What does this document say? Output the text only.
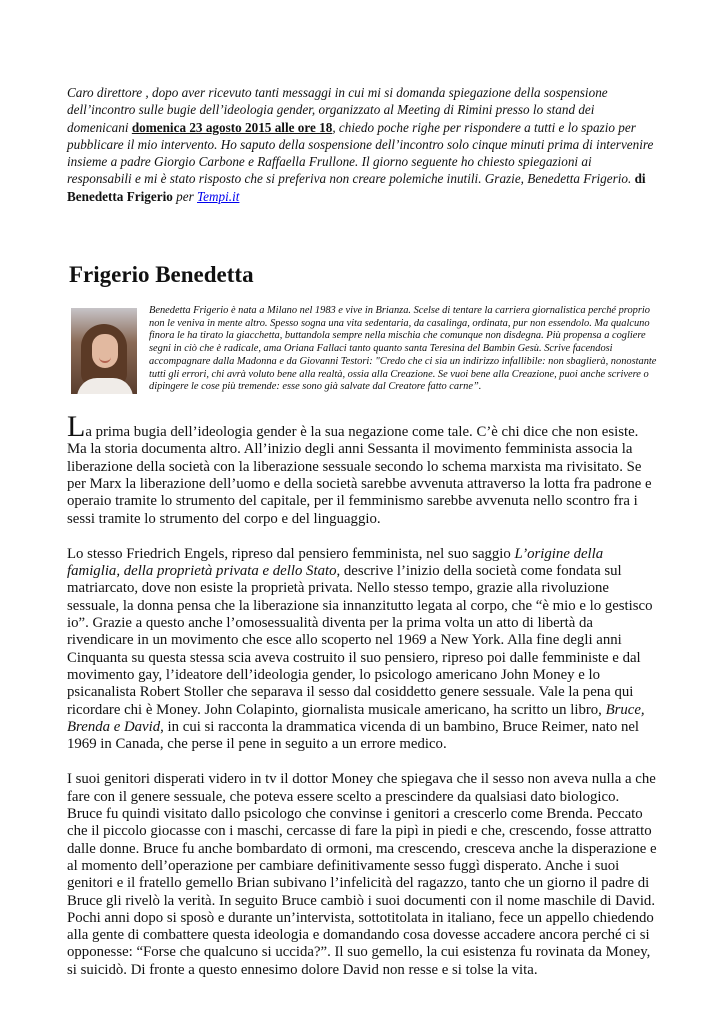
Caro direttore , dopo aver ricevuto tanti messaggi in cui mi si domanda spiegazione della sospensione dell’incontro sulle bugie dell’ideologia gender, organizzato al Meeting di Rimini presso lo stand dei domenicani domenica 23 agosto 2015 alle ore 18, chiedo poche righe per rispondere a tutti e lo spazio per pubblicare il mio intervento. Ho saputo della sospensione dell’incontro solo cinque minuti prima di intervenire insieme a padre Giorgio Carbone e Raffaella Frullone. Il giorno seguente ho chiesto spiegazioni ai responsabili e mi è stato risposto che si preferiva non creare polemiche inutili. Grazie, Benedetta Frigerio. di Benedetta Frigerio per Tempi.it

Frigerio Benedetta

Benedetta Frigerio è nata a Milano nel 1983 e vive in Brianza. Scelse di tentare la carriera giornalistica perché proprio non le veniva in mente altro. Spesso sogna una vita sedentaria, da casalinga, ordinata, pur non essendolo. Ma qualcuno finora le ha tirato la giacchetta, buttandola sempre nella mischia che comunque non disdegna. Più propensa a cogliere segni in ciò che è radicale, ama Oriana Fallaci tanto quanto santa Teresina del Bambin Gesù. Scrive facendosi accompagnare dalla Madonna e da Giovanni Testori: "Credo che ci sia un indirizzo infallibile: non sbaglierà, nonostante tutti gli errori, chi avrà voluto bene alla realtà, ossia alla Creazione. Se vuoi bene alla Creazione, puoi anche scrivere o dipingere le cose più tremende: esse sono già salvate dal Creatore fatto carne”.

La prima bugia dell’ideologia gender è la sua negazione come tale. C’è chi dice che non esiste. Ma la storia documenta altro. All’inizio degli anni Sessanta il movimento femminista associa la liberazione della società con la liberazione sessuale secondo lo schema marxista ma rivisitato. Se per Marx la liberazione dell’uomo e della società sarebbe avvenuta attraverso la lotta fra padrone e operaio tramite lo strumento del capitale, per il femminismo sarebbe avvenuta nello scontro fra i sessi tramite lo strumento del corpo e del linguaggio.

Lo stesso Friedrich Engels, ripreso dal pensiero femminista, nel suo saggio L’origine della famiglia, della proprietà privata e dello Stato, descrive l’inizio della società come fondata sul matriarcato, dove non esiste la proprietà privata. Nello stesso tempo, grazie alla rivoluzione sessuale, la donna pensa che la liberazione sia innanzitutto legata al corpo, che “è mio e lo gestisco io”. Grazie a questo anche l’omosessualità diventa per la prima volta un atto di libertà da rivendicare in un movimento che esce allo scoperto nel 1969 a New York. Alla fine degli anni Cinquanta su questa stessa scia aveva costruito il suo pensiero, ripreso poi dalle femministe e dal movimento gay, l’ideatore dell’ideologia gender, lo psicologo americano John Money e lo psicanalista Robert Stoller che separava il sesso dal cosiddetto genere sessuale. Vale la pena qui ricordare chi è Money. John Colapinto, giornalista musicale americano, ha scritto un libro, Bruce, Brenda e David, in cui si racconta la drammatica vicenda di un bambino, Bruce Reimer, nato nel 1969 in Canada, che perse il pene in seguito a un errore medico.

I suoi genitori disperati videro in tv il dottor Money che spiegava che il sesso non aveva nulla a che fare con il genere sessuale, che poteva essere scelto a prescindere da qualsiasi dato biologico. Bruce fu quindi visitato dallo psicologo che convinse i genitori a crescerlo come Brenda. Peccato che il piccolo giocasse con i maschi, cercasse di fare la pipì in piedi e che, crescendo, fosse attratto dalle donne. Bruce fu anche bombardato di ormoni, ma crescendo, cresceva anche la disperazione e al momento dell’operazione per cambiare definitivamente sesso fuggì disperato. Anche i suoi genitori e il fratello gemello Brian subivano l’infelicità del ragazzo, tanto che un giorno il padre di Bruce gli rivelò la verità. In seguito Bruce cambiò i suoi documenti con il nome maschile di David. Pochi anni dopo si sposò e durante un’intervista, sottotitolata in italiano, fece un appello chiedendo alla gente di combattere questa ideologia e domandando cosa dovesse accadere ancora perché ci si opponesse: “Forse che qualcuno si uccida?”. Il suo gemello, la cui esistenza fu rovinata da Money, si suicidò. Di fronte a questo ennesimo dolore David non resse e si tolse la vita.
